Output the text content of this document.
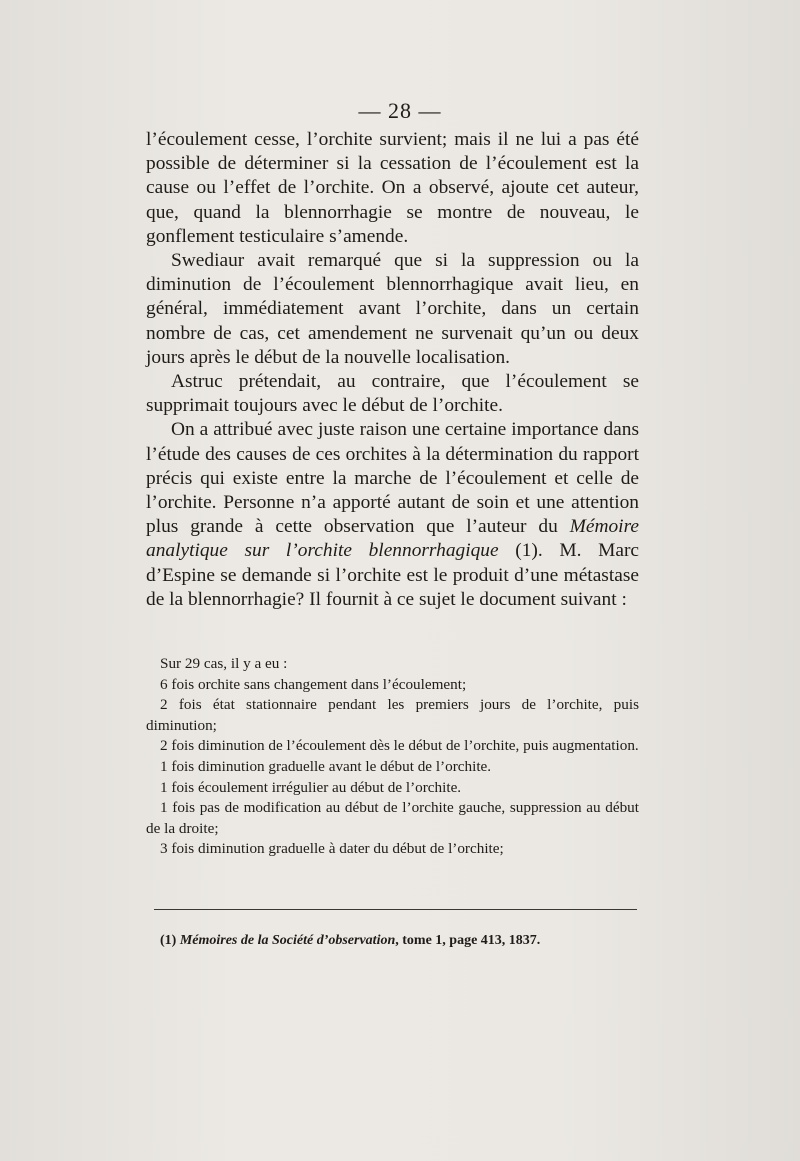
— 28 —

l’écoulement cesse, l’orchite survient; mais il ne lui a pas été possible de déterminer si la cessation de l’écoulement est la cause ou l’effet de l’orchite. On a observé, ajoute cet auteur, que, quand la blennorrhagie se montre de nouveau, le gonflement testiculaire s’amende.

Swediaur avait remarqué que si la suppression ou la diminution de l’écoulement blennorrhagique avait lieu, en général, immédiatement avant l’orchite, dans un certain nombre de cas, cet amendement ne survenait qu’un ou deux jours après le début de la nouvelle localisation.

Astruc prétendait, au contraire, que l’écoulement se supprimait toujours avec le début de l’orchite.

On a attribué avec juste raison une certaine importance dans l’étude des causes de ces orchites à la détermination du rapport précis qui existe entre la marche de l’écoulement et celle de l’orchite. Personne n’a apporté autant de soin et une attention plus grande à cette observation que l’auteur du Mémoire analytique sur l’orchite blennorrhagique (1). M. Marc d’Espine se demande si l’orchite est le produit d’une métastase de la blennorrhagie? Il fournit à ce sujet le document suivant :

Sur 29 cas, il y a eu :

6 fois orchite sans changement dans l’écoulement;

2 fois état stationnaire pendant les premiers jours de l’orchite, puis diminution;

2 fois diminution de l’écoulement dès le début de l’orchite, puis augmentation.

1 fois diminution graduelle avant le début de l’orchite.

1 fois écoulement irrégulier au début de l’orchite.

1 fois pas de modification au début de l’orchite gauche, suppression au début de la droite;

3 fois diminution graduelle à dater du début de l’orchite;

(1) Mémoires de la Société d’observation, tome 1, page 413, 1837.
